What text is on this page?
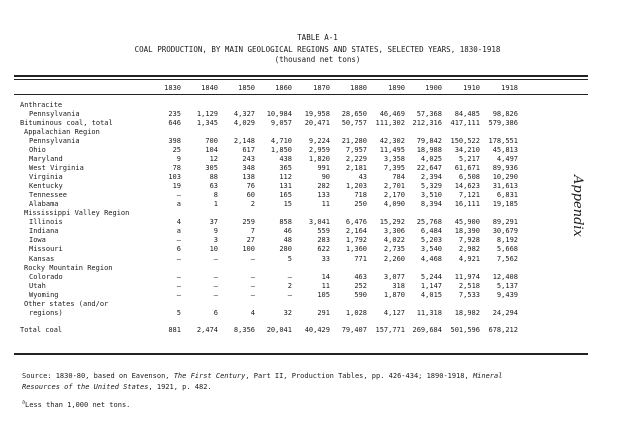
TABLE A-1
COAL PRODUCTION, BY MAIN GEOLOGICAL REGIONS AND STATES, SELECTED YEARS, 1830-1918
(thousand net tons)
1830	1840	1850	1860	1870	1880	1890	1900	1910	1918
Anthracite
Pennsylvania	235	1,129	4,327	10,984	19,958	28,650	46,469	57,368	84,485	98,826
Bituminous coal, total	646	1,345	4,029	9,057	20,471	50,757	111,302	212,316	417,111	579,386
Appalachian Region
Pennsylvania	398	700	2,148	4,710	9,224	21,280	42,302	79,842	150,522	178,551
Ohio	25	104	617	1,850	2,959	7,957	11,495	18,988	34,210	45,813
Maryland	9	12	243	438	1,820	2,229	3,358	4,025	5,217	4,497
West Virginia	78	305	348	365	991	2,181	7,395	22,647	61,671	89,936
Virginia	103	88	138	112	90	43	784	2,394	6,508	10,290
Kentucky	19	63	76	131	282	1,203	2,701	5,329	14,623	31,613
Tennessee	—	8	60	165	133	718	2,170	3,510	7,121	6,831
Alabama	a	1	2	15	11	250	4,090	8,394	16,111	19,185
Mississippi Valley Region
Illinois	4	37	259	858	3,041	6,476	15,292	25,768	45,900	89,291
Indiana	a	9	7	46	559	2,164	3,306	6,484	18,390	30,679
Iowa	—	3	27	48	283	1,792	4,022	5,203	7,928	8,192
Missouri	6	10	100	280	622	1,360	2,735	3,540	2,982	5,668
Kansas	—	—	—	5	33	771	2,260	4,468	4,921	7,562
Rocky Mountain Region
Colorado	—	—	—	—	14	463	3,077	5,244	11,974	12,408
Utah	—	—	—	2	11	252	318	1,147	2,518	5,137
Wyoming	—	—	—	—	105	590	1,870	4,015	7,533	9,439
Other states (and/or
regions)	5	6	4	32	291	1,028	4,127	11,318	18,982	24,294
Total coal	881	2,474	8,356	20,041	40,429	79,407	157,771	269,684	501,596	678,212
Source: 1830-80, based on Eavenson, The First Century, Part II, Production Tables, pp. 426-434; 1890-1918, Mineral
Resources of the United States, 1921, p. 482.
$^a$Less than 1,000 net tons.
Appendix
